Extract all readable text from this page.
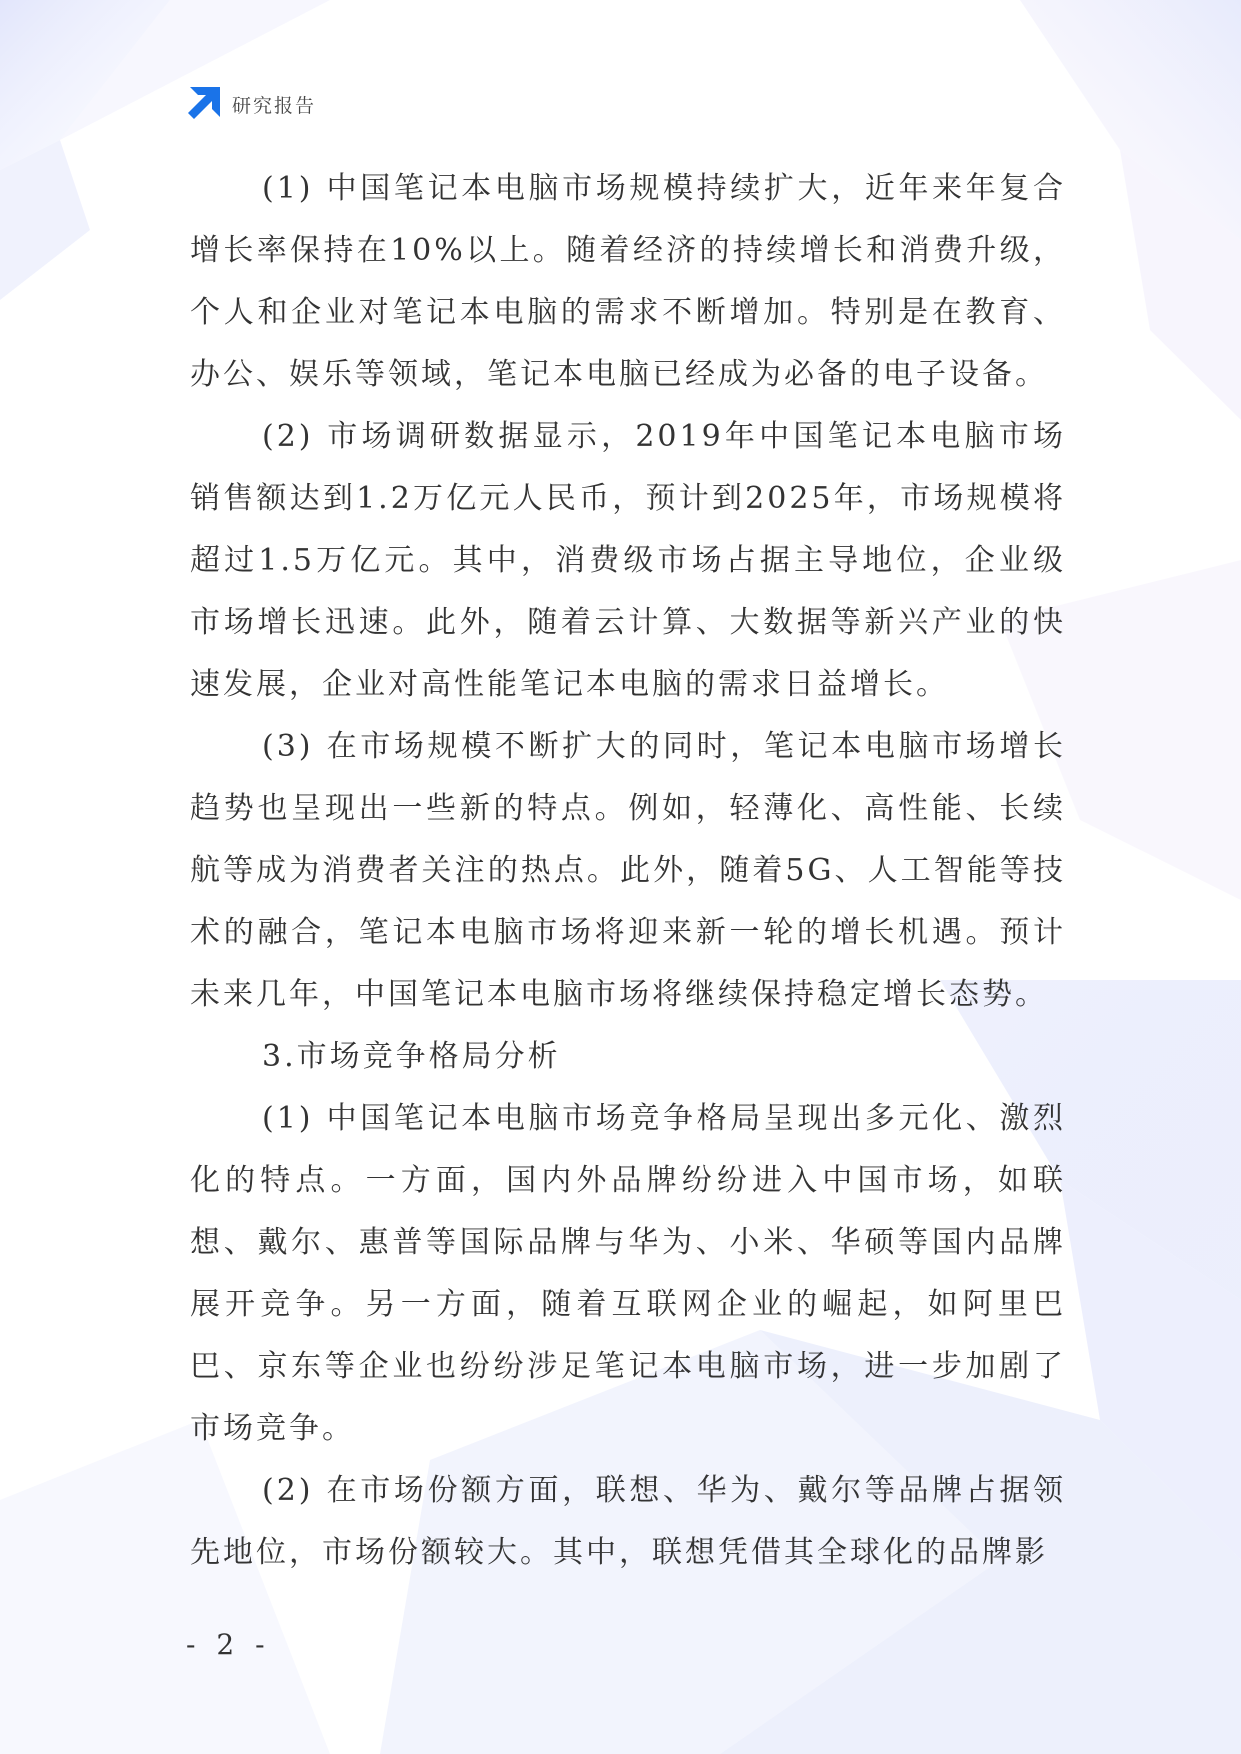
研究报告

(1) 中国笔记本电脑市场规模持续扩大，近年来年复合增长率保持在10%以上。随着经济的持续增长和消费升级，个人和企业对笔记本电脑的需求不断增加。特别是在教育、办公、娱乐等领域，笔记本电脑已经成为必备的电子设备。

(2) 市场调研数据显示，2019年中国笔记本电脑市场销售额达到1.2万亿元人民币，预计到2025年，市场规模将超过1.5万亿元。其中，消费级市场占据主导地位，企业级市场增长迅速。此外，随着云计算、大数据等新兴产业的快速发展，企业对高性能笔记本电脑的需求日益增长。

(3) 在市场规模不断扩大的同时，笔记本电脑市场增长趋势也呈现出一些新的特点。例如，轻薄化、高性能、长续航等成为消费者关注的热点。此外，随着5G、人工智能等技术的融合，笔记本电脑市场将迎来新一轮的增长机遇。预计未来几年，中国笔记本电脑市场将继续保持稳定增长态势。

3.市场竞争格局分析

(1) 中国笔记本电脑市场竞争格局呈现出多元化、激烈化的特点。一方面，国内外品牌纷纷进入中国市场，如联想、戴尔、惠普等国际品牌与华为、小米、华硕等国内品牌展开竞争。另一方面，随着互联网企业的崛起，如阿里巴巴、京东等企业也纷纷涉足笔记本电脑市场，进一步加剧了市场竞争。

(2) 在市场份额方面，联想、华为、戴尔等品牌占据领先地位，市场份额较大。其中，联想凭借其全球化的品牌影

- 2 -
